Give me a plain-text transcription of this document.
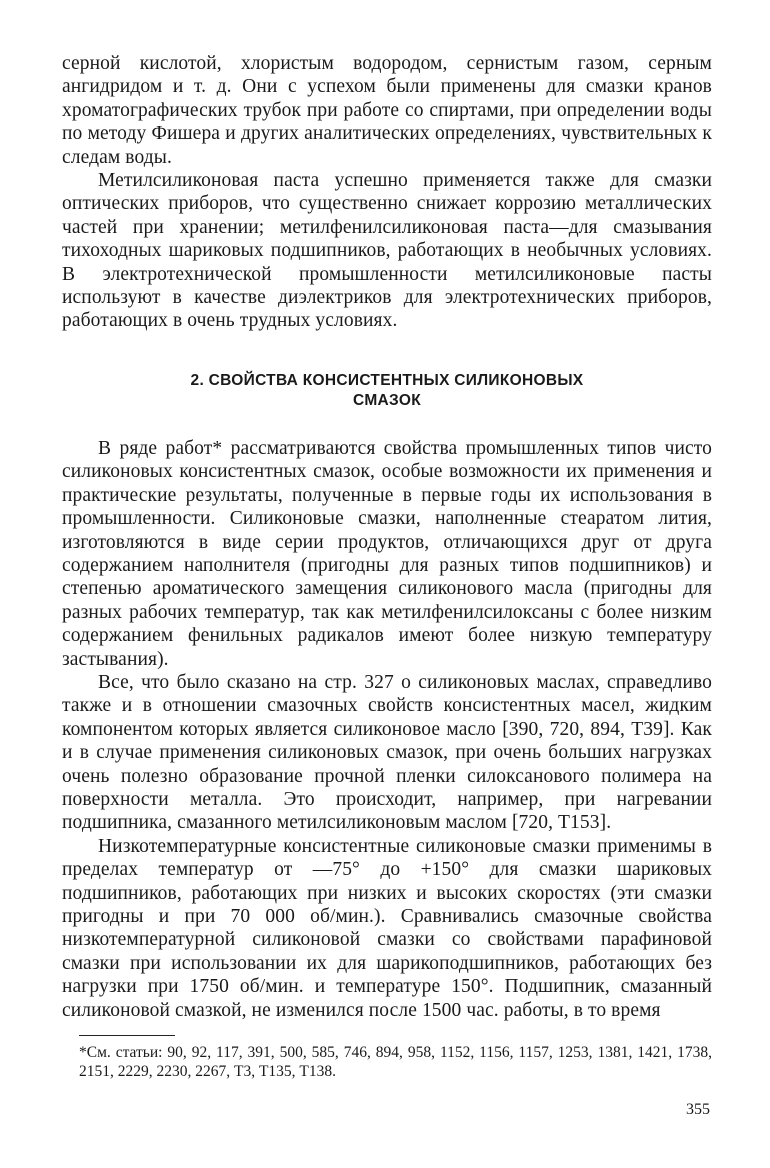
серной кислотой, хлористым водородом, сернистым газом, серным ангидридом и т. д. Они с успехом были применены для смазки кранов хроматографических трубок при работе со спиртами, при определении воды по методу Фишера и других аналитических определениях, чувствительных к следам воды.

Метилсиликоновая паста успешно применяется также для смазки оптических приборов, что существенно снижает коррозию металлических частей при хранении; метилфенилсиликоновая паста—для смазывания тихоходных шариковых подшипников, работающих в необычных условиях. В электротехнической промышленности метилсиликоновые пасты используют в качестве диэлектриков для электротехнических приборов, работающих в очень трудных условиях.

2. СВОЙСТВА КОНСИСТЕНТНЫХ СИЛИКОНОВЫХ
СМАЗОК

В ряде работ* рассматриваются свойства промышленных типов чисто силиконовых консистентных смазок, особые возможности их применения и практические результаты, полученные в первые годы их использования в промышленности. Силиконовые смазки, наполненные стеаратом лития, изготовляются в виде серии продуктов, отличающихся друг от друга содержанием наполнителя (пригодны для разных типов подшипников) и степенью ароматического замещения силиконового масла (пригодны для разных рабочих температур, так как метилфенилсилоксаны с более низким содержанием фенильных радикалов имеют более низкую температуру застывания).

Все, что было сказано на стр. 327 о силиконовых маслах, справедливо также и в отношении смазочных свойств консистентных масел, жидким компонентом которых является силиконовое масло [390, 720, 894, Т39]. Как и в случае применения силиконовых смазок, при очень больших нагрузках очень полезно образование прочной пленки силоксанового полимера на поверхности металла. Это происходит, например, при нагревании подшипника, смазанного метилсиликоновым маслом [720, Т153].

Низкотемпературные консистентные силиконовые смазки применимы в пределах температур от —75° до +150° для смазки шариковых подшипников, работающих при низких и высоких скоростях (эти смазки пригодны и при 70 000 об/мин.). Сравнивались смазочные свойства низкотемпературной силиконовой смазки со свойствами парафиновой смазки при использовании их для шарикоподшипников, работающих без нагрузки при 1750 об/мин. и температуре 150°. Подшипник, смазанный силиконовой смазкой, не изменился после 1500 час. работы, в то время

*См. статьи: 90, 92, 117, 391, 500, 585, 746, 894, 958, 1152, 1156, 1157, 1253, 1381, 1421, 1738, 2151, 2229, 2230, 2267, Т3, Т135, Т138.

355
